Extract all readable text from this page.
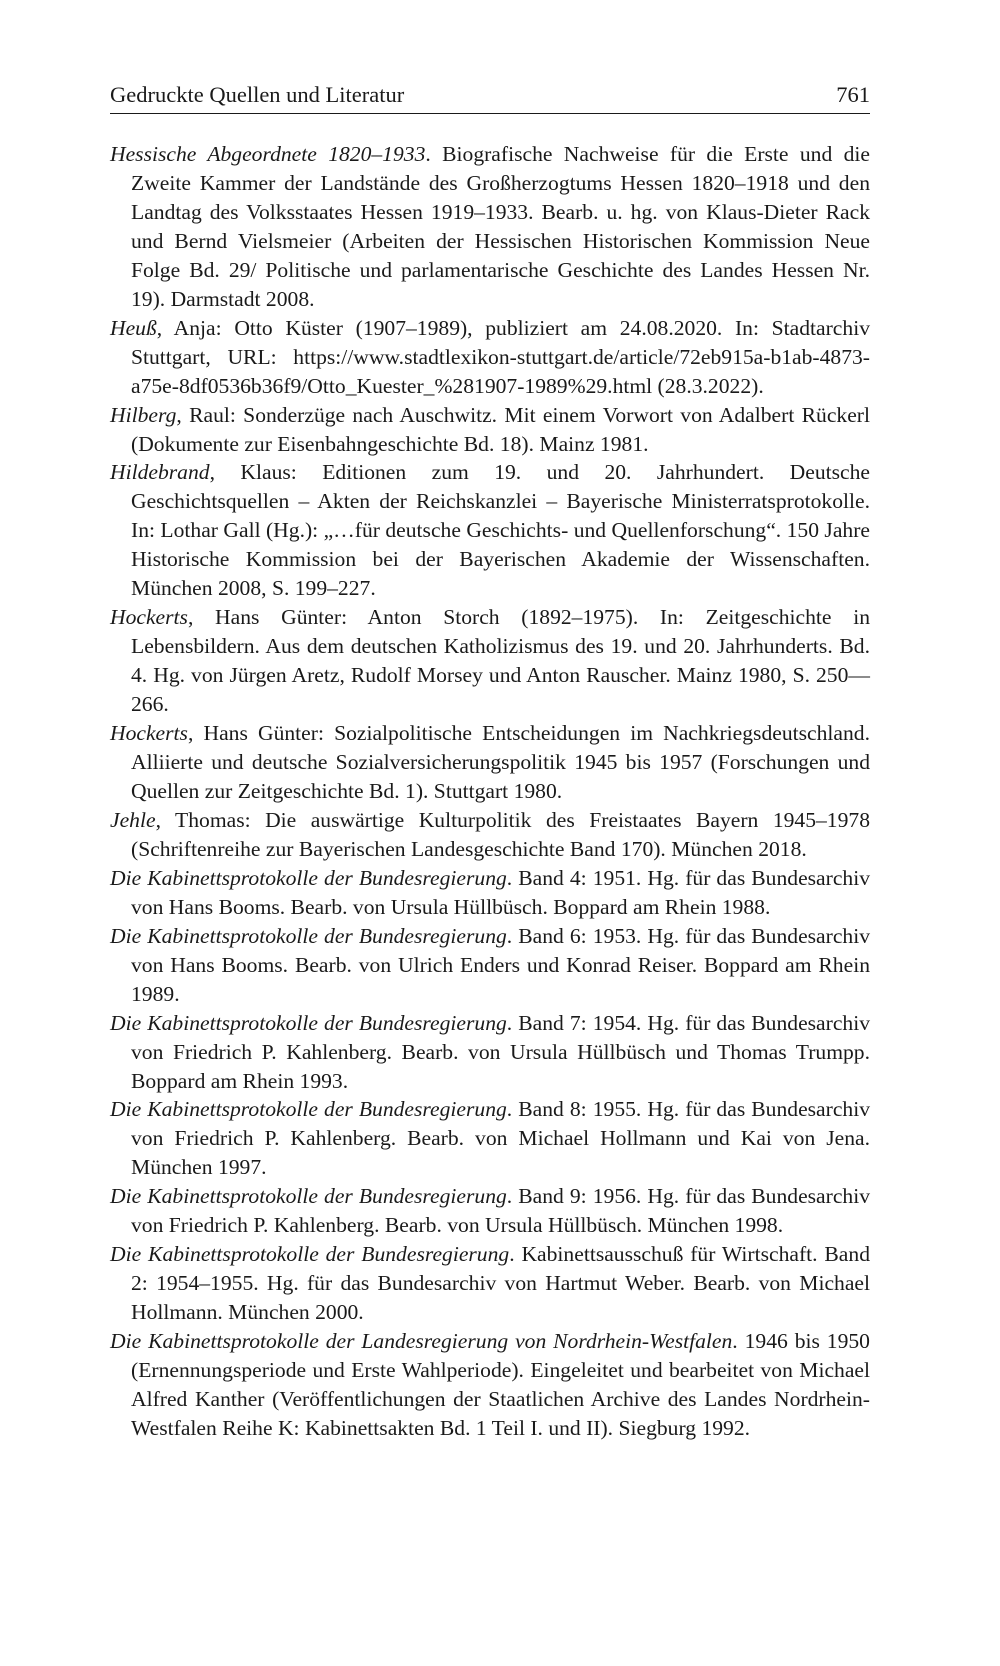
Gedruckte Quellen und Literatur	761
Hessische Abgeordnete 1820–1933. Biografische Nachweise für die Erste und die Zweite Kammer der Landstände des Großherzogtums Hessen 1820–1918 und den Landtag des Volksstaates Hessen 1919–1933. Bearb. u. hg. von Klaus-Dieter Rack und Bernd Vielsmeier (Arbeiten der Hessischen Historischen Kommission Neue Folge Bd. 29/ Politische und parlamentarische Geschichte des Landes Hessen Nr. 19). Darmstadt 2008.
Heuß, Anja: Otto Küster (1907–1989), publiziert am 24.08.2020. In: Stadtarchiv Stuttgart, URL: https://www.stadtlexikon-stuttgart.de/article/72eb915a-b1ab-4873-a75e-8df0536b36f9/Otto_Kuester_%281907-1989%29.html (28.3.2022).
Hilberg, Raul: Sonderzüge nach Auschwitz. Mit einem Vorwort von Adalbert Rückerl (Dokumente zur Eisenbahngeschichte Bd. 18). Mainz 1981.
Hildebrand, Klaus: Editionen zum 19. und 20. Jahrhundert. Deutsche Geschichtsquellen – Akten der Reichskanzlei – Bayerische Ministerratsprotokolle. In: Lothar Gall (Hg.): „…für deutsche Geschichts- und Quellenforschung“. 150 Jahre Historische Kommission bei der Bayerischen Akademie der Wissenschaften. München 2008, S. 199–227.
Hockerts, Hans Günter: Anton Storch (1892–1975). In: Zeitgeschichte in Lebensbildern. Aus dem deutschen Katholizismus des 19. und 20. Jahrhunderts. Bd. 4. Hg. von Jürgen Aretz, Rudolf Morsey und Anton Rauscher. Mainz 1980, S. 250—266.
Hockerts, Hans Günter: Sozialpolitische Entscheidungen im Nachkriegsdeutschland. Alliierte und deutsche Sozialversicherungspolitik 1945 bis 1957 (Forschungen und Quellen zur Zeitgeschichte Bd. 1). Stuttgart 1980.
Jehle, Thomas: Die auswärtige Kulturpolitik des Freistaates Bayern 1945–1978 (Schriftenreihe zur Bayerischen Landesgeschichte Band 170). München 2018.
Die Kabinettsprotokolle der Bundesregierung. Band 4: 1951. Hg. für das Bundesarchiv von Hans Booms. Bearb. von Ursula Hüllbüsch. Boppard am Rhein 1988.
Die Kabinettsprotokolle der Bundesregierung. Band 6: 1953. Hg. für das Bundesarchiv von Hans Booms. Bearb. von Ulrich Enders und Konrad Reiser. Boppard am Rhein 1989.
Die Kabinettsprotokolle der Bundesregierung. Band 7: 1954. Hg. für das Bundesarchiv von Friedrich P. Kahlenberg. Bearb. von Ursula Hüllbüsch und Thomas Trumpp. Boppard am Rhein 1993.
Die Kabinettsprotokolle der Bundesregierung. Band 8: 1955. Hg. für das Bundesarchiv von Friedrich P. Kahlenberg. Bearb. von Michael Hollmann und Kai von Jena. München 1997.
Die Kabinettsprotokolle der Bundesregierung. Band 9: 1956. Hg. für das Bundesarchiv von Friedrich P. Kahlenberg. Bearb. von Ursula Hüllbüsch. München 1998.
Die Kabinettsprotokolle der Bundesregierung. Kabinettsausschuß für Wirtschaft. Band 2: 1954–1955. Hg. für das Bundesarchiv von Hartmut Weber. Bearb. von Michael Hollmann. München 2000.
Die Kabinettsprotokolle der Landesregierung von Nordrhein-Westfalen. 1946 bis 1950 (Ernennungsperiode und Erste Wahlperiode). Eingeleitet und bearbeitet von Michael Alfred Kanther (Veröffentlichungen der Staatlichen Archive des Landes Nordrhein-Westfalen Reihe K: Kabinettsakten Bd. 1 Teil I. und II). Siegburg 1992.
